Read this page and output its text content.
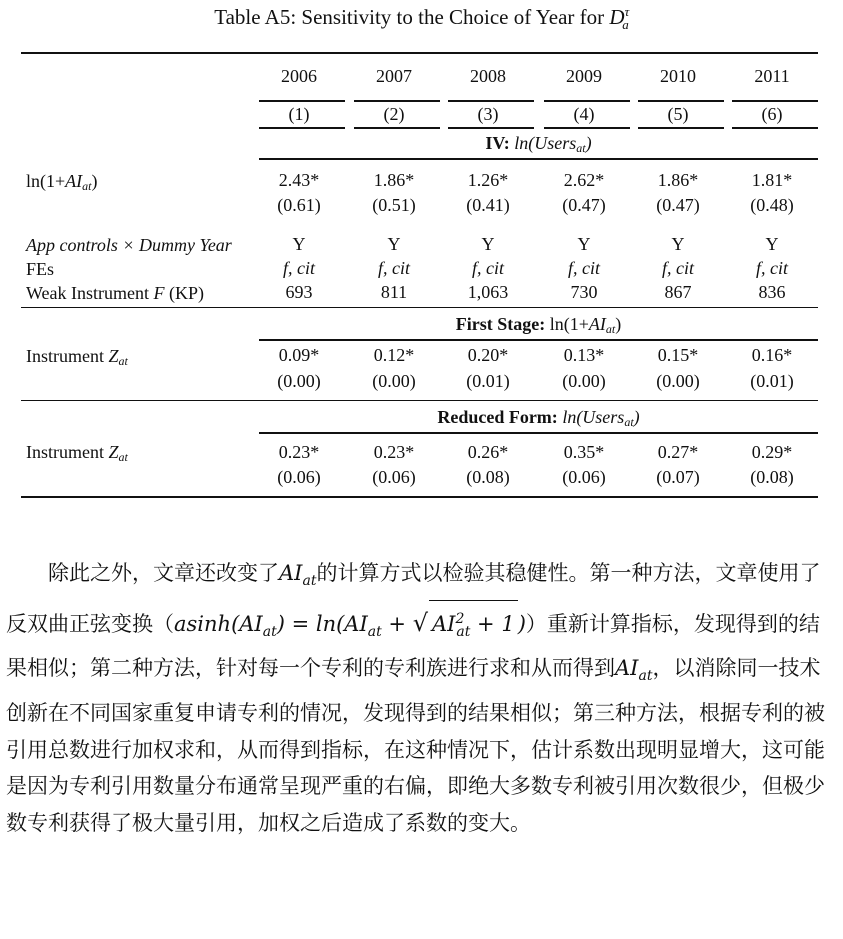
Table A5: Sensitivity to the Choice of Year for $D^\tau_a$
2006	2007	2008	2009	2010	2011
(1)	(2)	(3)	(4)	(5)	(6)
IV: ln(Users$_{at}$)
$\ln(1+AI_{at})$	2.43*	1.86*	1.26*	2.62*	1.86*	1.81*
(0.61)	(0.51)	(0.41)	(0.47)	(0.47)	(0.48)
App controls × Dummy Year	Y	Y	Y	Y	Y	Y
FEs	f, cit	f, cit	f, cit	f, cit	f, cit	f, cit
Weak Instrument F (KP)	693	811	1,063	730	867	836
First Stage: $\ln(1+AI_{at})$
Instrument $Z_{at}$	0.09*	0.12*	0.20*	0.13*	0.15*	0.16*
(0.00)	(0.00)	(0.01)	(0.00)	(0.00)	(0.01)
Reduced Form: ln(Users$_{at}$)
Instrument $Z_{at}$	0.23*	0.23*	0.26*	0.35*	0.27*	0.29*
(0.06)	(0.06)	(0.08)	(0.06)	(0.07)	(0.08)

除此之外，文章还改变了$AI_{at}$的计算方式以检验其稳健性。第一种方法，文章使用了反双曲正弦变换（$asinh(AI_{at}) = \ln(AI_{at}$ + √ $AI^2_{at} + 1$ )）重新计算指标，发现得到的结果相似；第二种方法，针对每一个专利的专利族进行求和从而得到$AI_{at}$，以消除同一技术创新在不同国家重复申请专利的情况，发现得到的结果相似；第三种方法，根据专利的被引用总数进行加权求和，从而得到指标，在这种情况下，估计系数出现明显增大，这可能是因为专利引用数量分布通常呈现严重的右偏，即绝大多数专利被引用次数很少，但极少数专利获得了极大量引用，加权之后造成了系数的变大。
